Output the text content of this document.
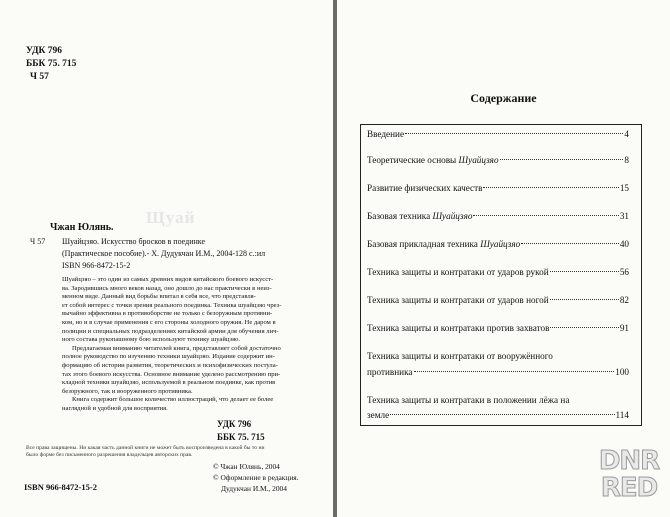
УДК 796
ББК 75. 715
Ч 57
Щуай
Чжан Юлянь.
Ч 57 Шуайцзяо. Искусство бросков в поединке
(Практическое пособие).- Х. Дудукчан И.М., 2004-128 с.:ил
ISBN 966-8472-15-2
Шуайцзяо – это один из самых древних видов китайского боевого искусст-
ва. Зародившись много веков назад, оно дошло до нас практически в неиз-
менном виде. Данный вид борьбы впитал в себя все, что представля-
ет собой интерес с точки зрения реального поединка. Техника шуайцзяо чрез-
вычайно эффективна в противоборстве не только с безоружным противни-
ком, но и в случае применения с его стороны холодного оружия. Не даром в
полиции и специальных подразделениях китайской армии для обучения лич-
ного состава рукопашному бою используют технику шуайцзяо.
Предлагаемая вниманию читателей книга, представляет собой достаточно
полное руководство по изучению техники шуайцзяо. Издание содержит ин-
формацию об истории развития, теоретических и психофизических постула-
тах этого боевого искусства. Основное внимание уделено рассмотрению при-
кладной техники шуайцзяо, используемой в реальном поединке, как против
безоружного, так и вооруженного противника.
Книга содержит большое количество иллюстраций, что делает ее более
наглядной и удобной для восприятия.
УДК 796
ББК 75. 715
Все права защищены. Ни какая часть данной книги не может быть воспроизведена в какой бы то ни
было форме без письменного разрешения владельцев авторских прав.
© Чжан Юлянь, 2004
© Оформление в редакция.
Дудукчан И.М., 2004
ISBN 966-8472-15-2
Содержание
Введение	4
Теоретические основы Шуайцзяо	8
Развитие физических качеств	15
Базовая техника Шуайцзяо	31
Базовая прикладная техника Шуайцзяо	40
Техника защиты и контратаки от ударов рукой	56
Техника защиты и контратаки от ударов ногой	82
Техника защиты и контратаки против захватов	91
Техника защиты и контратаки от вооружённого
противника	100
Техника защиты и контратаки в положении лёжа на
земле	114
DNR
RED
